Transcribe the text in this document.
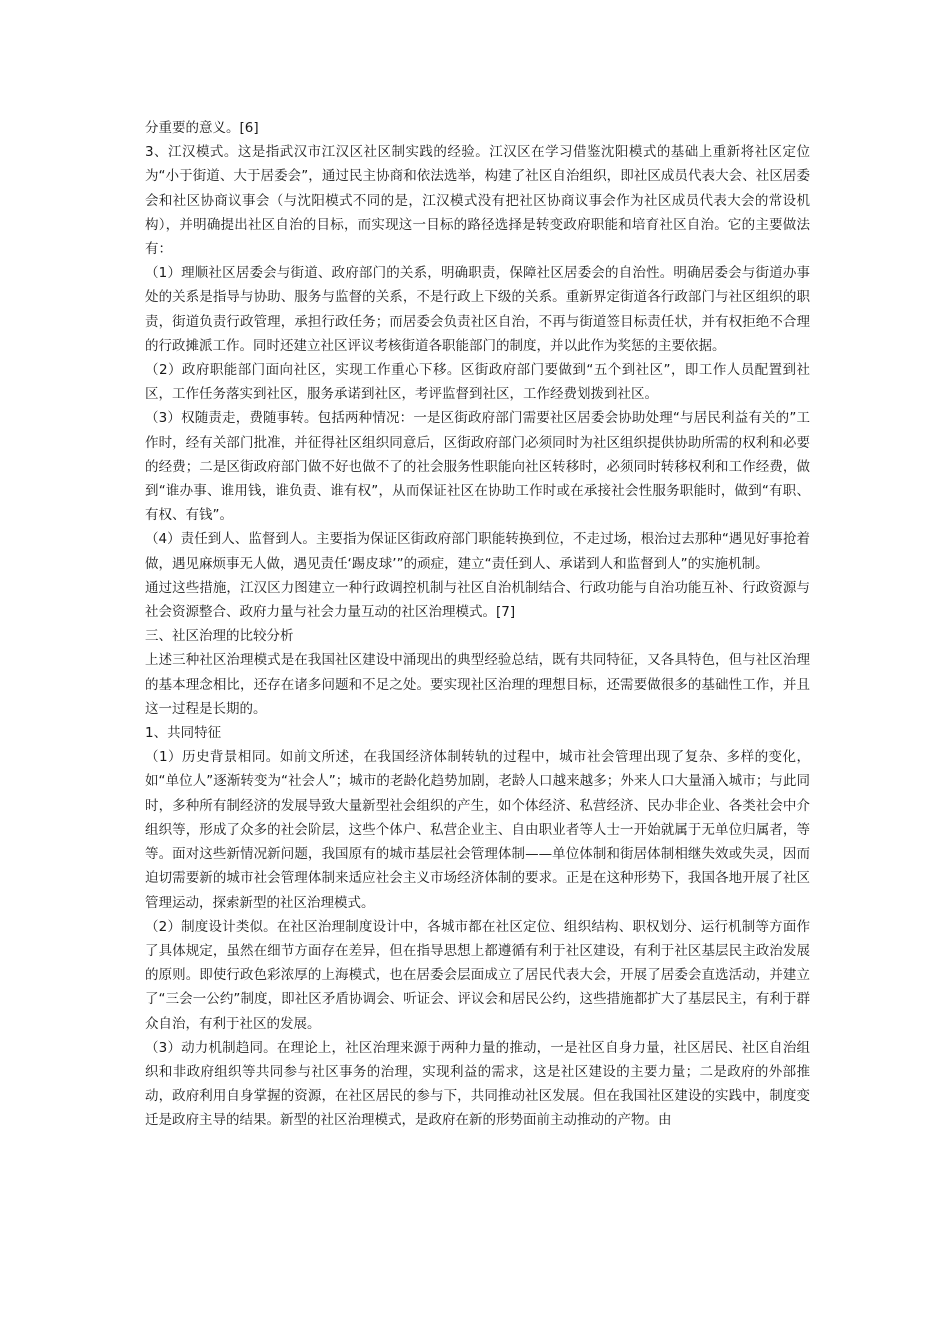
分重要的意义。[6]

3、江汉模式。这是指武汉市江汉区社区制实践的经验。江汉区在学习借鉴沈阳模式的基础上重新将社区定位为“小于街道、大于居委会”，通过民主协商和依法选举，构建了社区自治组织，即社区成员代表大会、社区居委会和社区协商议事会（与沈阳模式不同的是，江汉模式没有把社区协商议事会作为社区成员代表大会的常设机构），并明确提出社区自治的目标，而实现这一目标的路径选择是转变政府职能和培育社区自治。它的主要做法有：

（1）理顺社区居委会与街道、政府部门的关系，明确职责，保障社区居委会的自治性。明确居委会与街道办事处的关系是指导与协助、服务与监督的关系，不是行政上下级的关系。重新界定街道各行政部门与社区组织的职责，街道负责行政管理，承担行政任务；而居委会负责社区自治，不再与街道签目标责任状，并有权拒绝不合理的行政摊派工作。同时还建立社区评议考核街道各职能部门的制度，并以此作为奖惩的主要依据。

（2）政府职能部门面向社区，实现工作重心下移。区街政府部门要做到“五个到社区”，即工作人员配置到社区，工作任务落实到社区，服务承诺到社区，考评监督到社区，工作经费划拨到社区。

（3）权随责走，费随事转。包括两种情况：一是区街政府部门需要社区居委会协助处理“与居民利益有关的”工作时，经有关部门批准，并征得社区组织同意后，区街政府部门必须同时为社区组织提供协助所需的权利和必要的经费；二是区街政府部门做不好也做不了的社会服务性职能向社区转移时，必须同时转移权利和工作经费，做到“谁办事、谁用钱，谁负责、谁有权”，从而保证社区在协助工作时或在承接社会性服务职能时，做到“有职、有权、有钱”。

（4）责任到人、监督到人。主要指为保证区街政府部门职能转换到位，不走过场，根治过去那种“遇见好事抢着做，遇见麻烦事无人做，遇见责任‘踢皮球’”的顽症，建立“责任到人、承诺到人和监督到人”的实施机制。

通过这些措施，江汉区力图建立一种行政调控机制与社区自治机制结合、行政功能与自治功能互补、行政资源与社会资源整合、政府力量与社会力量互动的社区治理模式。[7]

三、社区治理的比较分析

上述三种社区治理模式是在我国社区建设中涌现出的典型经验总结，既有共同特征，又各具特色，但与社区治理的基本理念相比，还存在诸多问题和不足之处。要实现社区治理的理想目标，还需要做很多的基础性工作，并且这一过程是长期的。

1、共同特征

（1）历史背景相同。如前文所述，在我国经济体制转轨的过程中，城市社会管理出现了复杂、多样的变化，如“单位人”逐渐转变为“社会人”；城市的老龄化趋势加剧，老龄人口越来越多；外来人口大量涌入城市；与此同时，多种所有制经济的发展导致大量新型社会组织的产生，如个体经济、私营经济、民办非企业、各类社会中介组织等，形成了众多的社会阶层，这些个体户、私营企业主、自由职业者等人士一开始就属于无单位归属者，等等。面对这些新情况新问题，我国原有的城市基层社会管理体制——单位体制和街居体制相继失效或失灵，因而迫切需要新的城市社会管理体制来适应社会主义市场经济体制的要求。正是在这种形势下，我国各地开展了社区管理运动，探索新型的社区治理模式。

（2）制度设计类似。在社区治理制度设计中，各城市都在社区定位、组织结构、职权划分、运行机制等方面作了具体规定，虽然在细节方面存在差异，但在指导思想上都遵循有利于社区建设，有利于社区基层民主政治发展的原则。即使行政色彩浓厚的上海模式，也在居委会层面成立了居民代表大会，开展了居委会直选活动，并建立了“三会一公约”制度，即社区矛盾协调会、听证会、评议会和居民公约，这些措施都扩大了基层民主，有利于群众自治，有利于社区的发展。

（3）动力机制趋同。在理论上，社区治理来源于两种力量的推动，一是社区自身力量，社区居民、社区自治组织和非政府组织等共同参与社区事务的治理，实现利益的需求，这是社区建设的主要力量；二是政府的外部推动，政府利用自身掌握的资源，在社区居民的参与下，共同推动社区发展。但在我国社区建设的实践中，制度变迁是政府主导的结果。新型的社区治理模式，是政府在新的形势面前主动推动的产物。由
